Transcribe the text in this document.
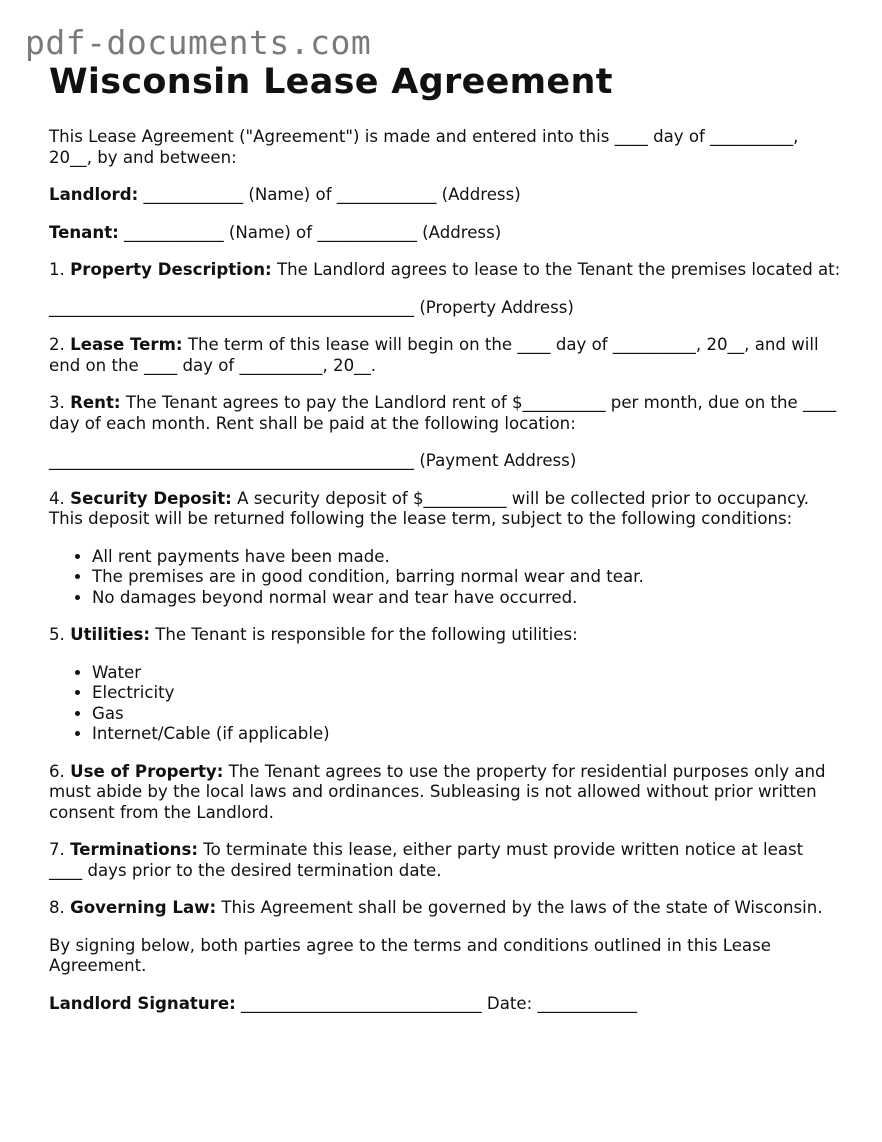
pdf-documents.com
Wisconsin Lease Agreement

This Lease Agreement ("Agreement") is made and entered into this ____ day of __________, 20__, by and between:

Landlord: ____________ (Name) of ____________ (Address)

Tenant: ____________ (Name) of ____________ (Address)

1. Property Description: The Landlord agrees to lease to the Tenant the premises located at:

____________________________________________ (Property Address)

2. Lease Term: The term of this lease will begin on the ____ day of __________, 20__, and will end on the ____ day of __________, 20__.

3. Rent: The Tenant agrees to pay the Landlord rent of $__________ per month, due on the ____ day of each month. Rent shall be paid at the following location:

____________________________________________ (Payment Address)

4. Security Deposit: A security deposit of $__________ will be collected prior to occupancy. This deposit will be returned following the lease term, subject to the following conditions:

• All rent payments have been made.
• The premises are in good condition, barring normal wear and tear.
• No damages beyond normal wear and tear have occurred.

5. Utilities: The Tenant is responsible for the following utilities:

• Water
• Electricity
• Gas
• Internet/Cable (if applicable)

6. Use of Property: The Tenant agrees to use the property for residential purposes only and must abide by the local laws and ordinances. Subleasing is not allowed without prior written consent from the Landlord.

7. Terminations: To terminate this lease, either party must provide written notice at least ____ days prior to the desired termination date.

8. Governing Law: This Agreement shall be governed by the laws of the state of Wisconsin.

By signing below, both parties agree to the terms and conditions outlined in this Lease Agreement.

Landlord Signature: _____________________________ Date: ____________
